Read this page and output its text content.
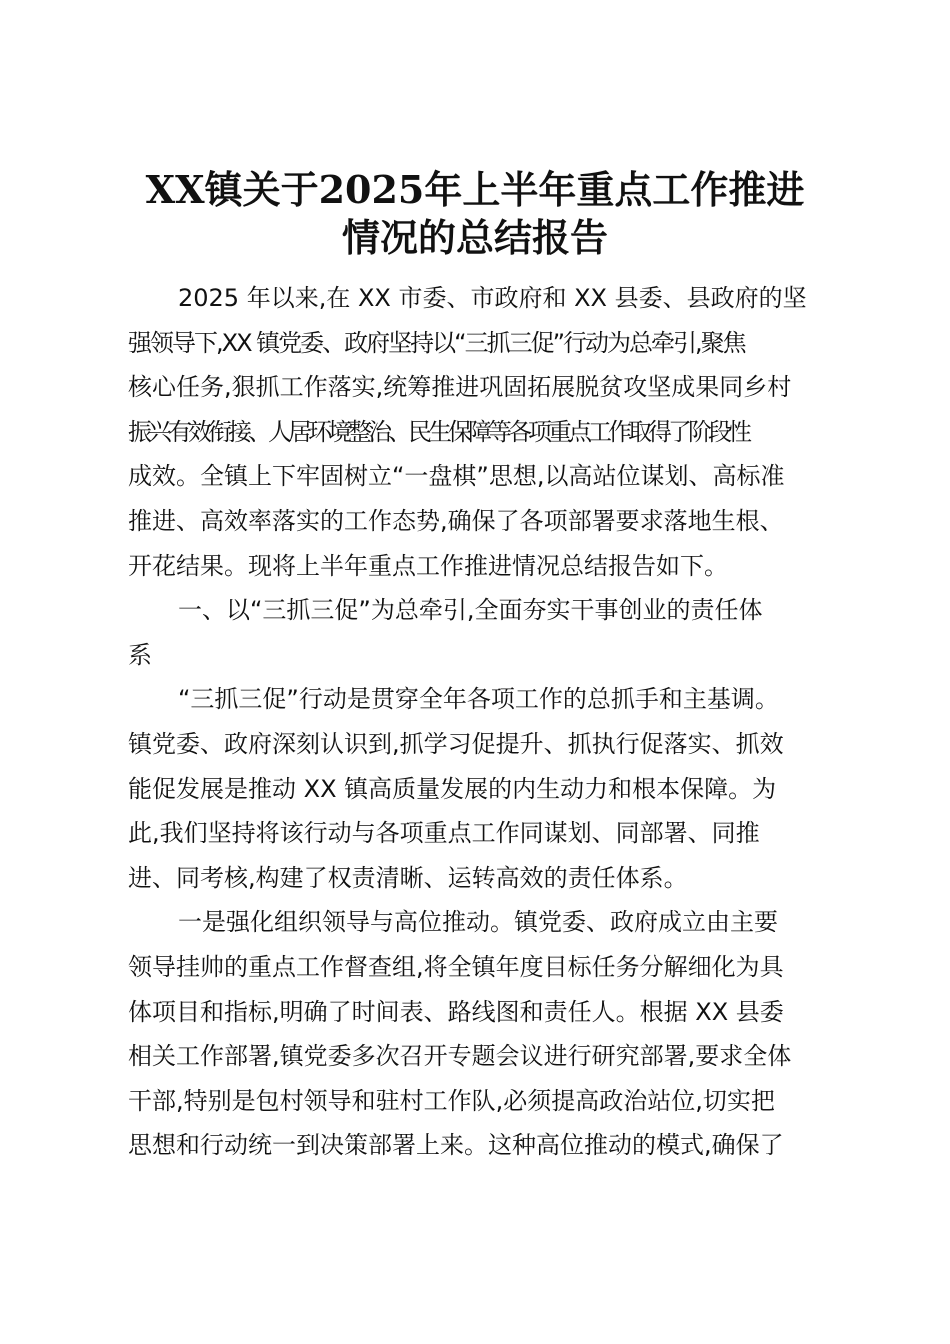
XX镇关于2025年上半年重点工作推进
情况的总结报告
2025 年以来,在 XX 市委、市政府和 XX 县委、县政府的坚
强领导下,XX 镇党委、政府坚持以“三抓三促”行动为总牵引,聚焦
核心任务,狠抓工作落实,统筹推进巩固拓展脱贫攻坚成果同乡村
振兴有效衔接、人居环境整治、民生保障等各项重点工作取得了阶段性
成效。全镇上下牢固树立“一盘棋”思想,以高站位谋划、高标准
推进、高效率落实的工作态势,确保了各项部署要求落地生根、
开花结果。现将上半年重点工作推进情况总结报告如下。
一、以“三抓三促”为总牵引,全面夯实干事创业的责任体
系
“三抓三促”行动是贯穿全年各项工作的总抓手和主基调。
镇党委、政府深刻认识到,抓学习促提升、抓执行促落实、抓效
能促发展是推动 XX 镇高质量发展的内生动力和根本保障。为
此,我们坚持将该行动与各项重点工作同谋划、同部署、同推
进、同考核,构建了权责清晰、运转高效的责任体系。
一是强化组织领导与高位推动。镇党委、政府成立由主要
领导挂帅的重点工作督查组,将全镇年度目标任务分解细化为具
体项目和指标,明确了时间表、路线图和责任人。根据 XX 县委
相关工作部署,镇党委多次召开专题会议进行研究部署,要求全体
干部,特别是包村领导和驻村工作队,必须提高政治站位,切实把
思想和行动统一到决策部署上来。这种高位推动的模式,确保了
